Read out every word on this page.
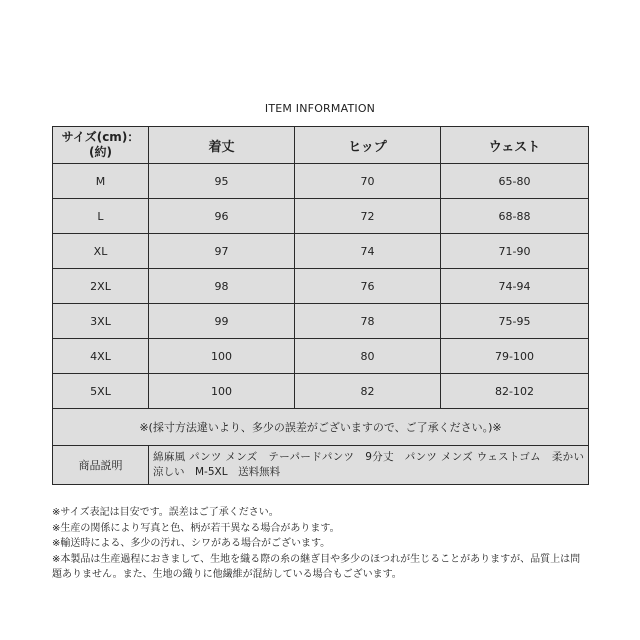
ITEM INFORMATION
サイズ(cm)：(約)	着丈	ヒップ	ウェスト
M	95	70	65-80
L	96	72	68-88
XL	97	74	71-90
2XL	98	76	74-94
3XL	99	78	75-95
4XL	100	80	79-100
5XL	100	82	82-102
※(採寸方法違いより、多少の誤差がございますので、ご了承ください。)※			
商品説明	綿麻風 パンツ メンズ　テーパードパンツ　9分丈　パンツ メンズ ウェストゴム　柔かい　涼しい　M-5XL　送料無料		
※サイズ表記は目安です。誤差はご了承ください。
※生産の関係により写真と色、柄が若干異なる場合があります。
※輸送時による、多少の汚れ、シワがある場合がございます。
※本製品は生産過程におきまして、生地を織る際の糸の継ぎ目や多少のほつれが生じることがありますが、品質上は問題ありません。また、生地の織りに他繊維が混紡している場合もございます。
